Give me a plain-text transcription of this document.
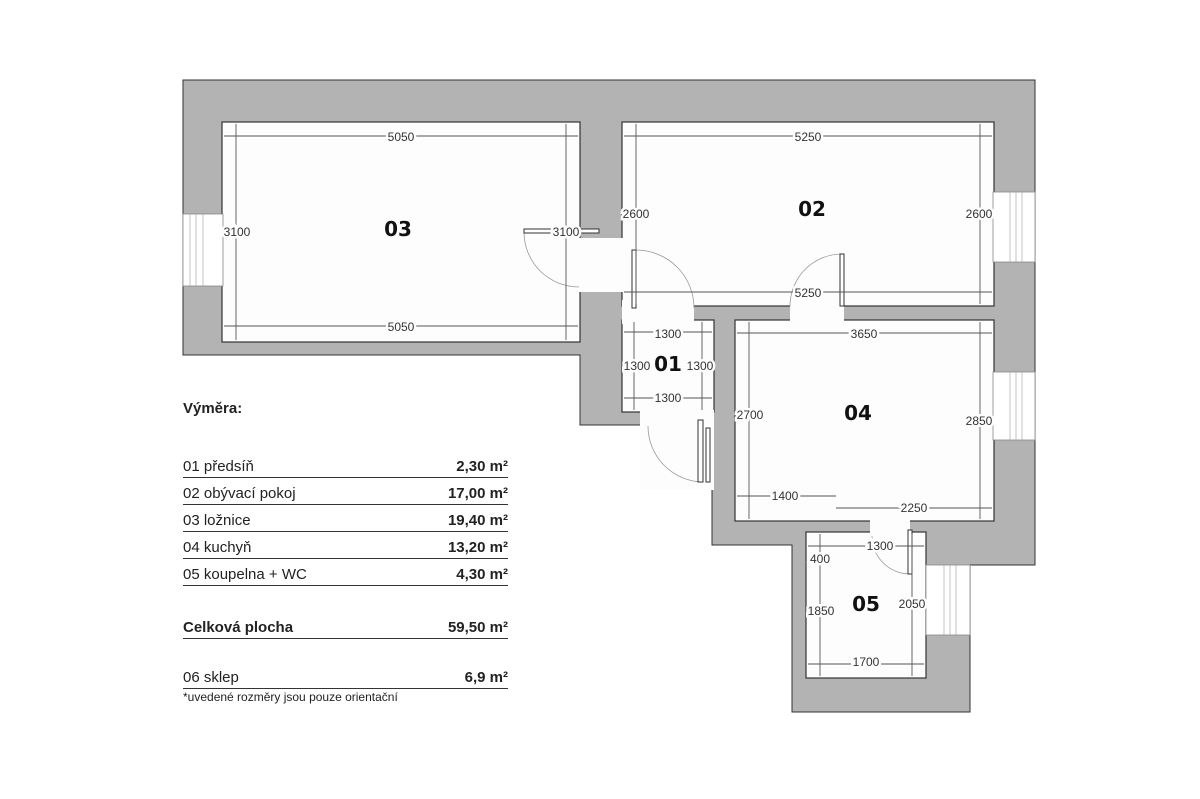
5050
5050
3100	3100
5250
5250
2600	2600
1300
1300
1300	1300
3650
2700	2850
1400
2250
1300
400
1850	2050
1700
03
02
01
04
05
Výměra:
01 předsíň	2,30 m²
02 obývací pokoj	17,00 m²
03 ložnice	19,40 m²
04 kuchyň	13,20 m²
05 koupelna + WC	4,30 m²
Celková plocha	59,50 m²
06 sklep	6,9 m²
*uvedené rozměry jsou pouze orientační
